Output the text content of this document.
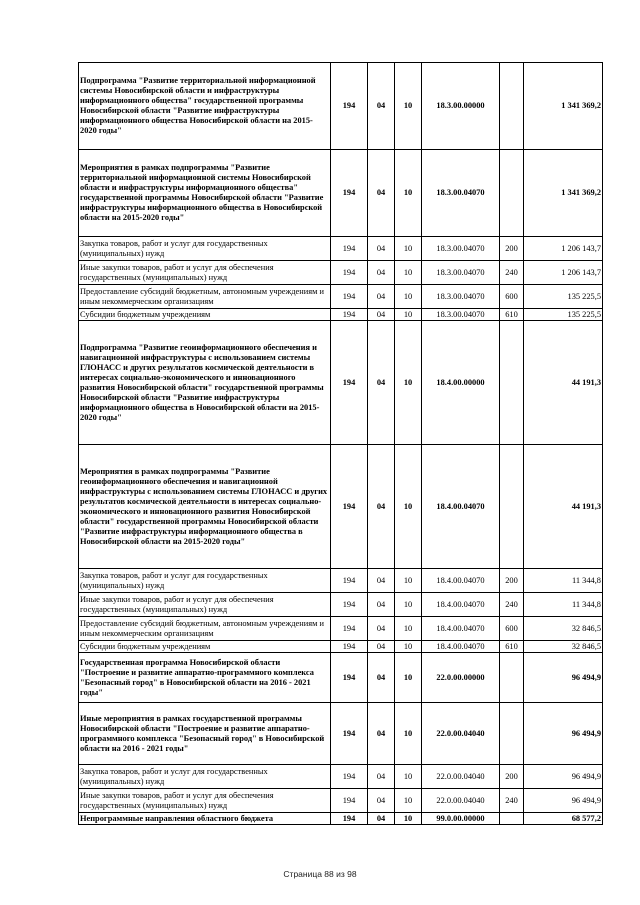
Подпрограмма "Развитие территориальной информационной системы Новосибирской области и инфраструктуры информационного общества" государственной программы Новосибирской области "Развитие инфраструктуры информационного общества Новосибирской области на 2015-2020 годы"	194	04	10	18.3.00.00000		1 341 369,2
Мероприятия в рамках подпрограммы "Развитие территориальной информационной системы Новосибирской области и инфраструктуры информационного общества" государственной программы Новосибирской области "Развитие инфраструктуры информационного общества в Новосибирской области на 2015-2020 годы"	194	04	10	18.3.00.04070		1 341 369,2
Закупка товаров, работ и услуг для государственных (муниципальных) нужд	194	04	10	18.3.00.04070	200	1 206 143,7
Иные закупки товаров, работ и услуг для обеспечения государственных (муниципальных) нужд	194	04	10	18.3.00.04070	240	1 206 143,7
Предоставление субсидий бюджетным, автономным учреждениям и иным некоммерческим организациям	194	04	10	18.3.00.04070	600	135 225,5
Субсидии бюджетным учреждениям	194	04	10	18.3.00.04070	610	135 225,5
Подпрограмма "Развитие геоинформационного обеспечения и навигационной инфраструктуры с использованием системы ГЛОНАСС и других результатов космической деятельности в интересах социально-экономического и инновационного развития Новосибирской области" государственной программы Новосибирской области "Развитие инфраструктуры информационного общества в Новосибирской области на 2015-2020 годы"	194	04	10	18.4.00.00000		44 191,3
Мероприятия в рамках подпрограммы "Развитие геоинформационного обеспечения и навигационной инфраструктуры с использованием системы ГЛОНАСС и других результатов космической деятельности в интересах социально-экономического и инновационного развития Новосибирской области" государственной программы Новосибирской области "Развитие инфраструктуры информационного общества в Новосибирской области на 2015-2020 годы"	194	04	10	18.4.00.04070		44 191,3
Закупка товаров, работ и услуг для государственных (муниципальных) нужд	194	04	10	18.4.00.04070	200	11 344,8
Иные закупки товаров, работ и услуг для обеспечения государственных (муниципальных) нужд	194	04	10	18.4.00.04070	240	11 344,8
Предоставление субсидий бюджетным, автономным учреждениям и иным некоммерческим организациям	194	04	10	18.4.00.04070	600	32 846,5
Субсидии бюджетным учреждениям	194	04	10	18.4.00.04070	610	32 846,5
Государственная программа Новосибирской области "Построение и развитие аппаратно-программного комплекса "Безопасный город" в Новосибирской области на 2016 - 2021 годы"	194	04	10	22.0.00.00000		96 494,9
Иные мероприятия в рамках государственной программы Новосибирской области "Построение и развитие аппаратно-программного комплекса "Безопасный город" в Новосибирской области на 2016 - 2021 годы"	194	04	10	22.0.00.04040		96 494,9
Закупка товаров, работ и услуг для государственных (муниципальных) нужд	194	04	10	22.0.00.04040	200	96 494,9
Иные закупки товаров, работ и услуг для обеспечения государственных (муниципальных) нужд	194	04	10	22.0.00.04040	240	96 494,9
Непрограммные направления областного бюджета	194	04	10	99.0.00.00000		68 577,2
Страница 88 из 98
